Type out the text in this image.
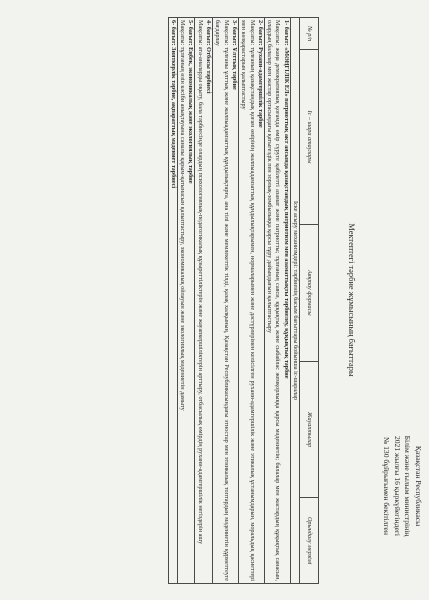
Қазақстан Республикасы
Білім және ғылым министрінің
2021 жылғы 16 қыркүйегіндегі
№ 130 бұйрығымен бекітілген
Мектептегі тәрбие жұмысының бағыттары
№ р/п	Іс – шара атаулары	Аяқтау формасы	Жауаптылар	Орындалу мерзімі
Іске асыру механизмдері: тәрбиенің басым бағыттары бойынша іс-шаралар
1- бағыт: «МӘҢГІЛІК ЕЛ» патриоттық акт аясында қазақстандық патриотизм мен азаматтықты тәрбиелеу, құқықтық тәрбие
Мақсаты: жаңа демократиялық қоғамда өмір сүруге қабілетті азамат және патриотты; тұлғаның саяси, құқықтық және сыбайлас жемқорлыққа қарсы мәдениетін; балалар мен жастардың құқықтық санасын, олардың балалар мен жастар ортасындағы қатыгездік пен зорлық-зомбылыққа қарсы тұру дайындығын қалыптастыру
2- бағыт: Рухани-адамгершілік тәрбие
Мақсаты: тұлғаның қазақстандық қоғам өмірінің жалпыадамзаттық құндылықтарымен, нормаларымен және дәстүрлерімен келісілген рухани-адамгершілік және этикалық ұстанымдарын, моральдық қасиеттері мен көзқарастарын қалыптастыру
3- бағыт: Ұлттық тәрбие
Мақсаты: тұлғаны ұлттық және жалпыадамзаттық құндылықтарға, ана тілі және мемлекеттік тілді, қазақ халқының, Қазақстан Республикасындағы этностар мен этникалық топтардың мәдениетін құрметтеуге бағдарлау
4- бағыт: Отбасы тәрбиесі
Мақсаты: ата-аналарды оқыту, бала тәрбиесінде олардың психологиялық-педагогикалық құзыреттіліктерін және жауапкершіліктерін арттыру, отбасылық өмірдің рухани-адамгершілік негіздерін ашу
5- бағыт: Еңбек, экономикалық және экологиялық тәрбие
Мақсаты: тұлғаның өзін кәсіби анықтауына саналы қарым-қатынасын қалыптастыру, экономикалық ойлауын және экологиялық мәдениетін дамыту
6- бағыт: Зияткерлік тәрбие, ақпараттық мәдениет тәрбиесі
